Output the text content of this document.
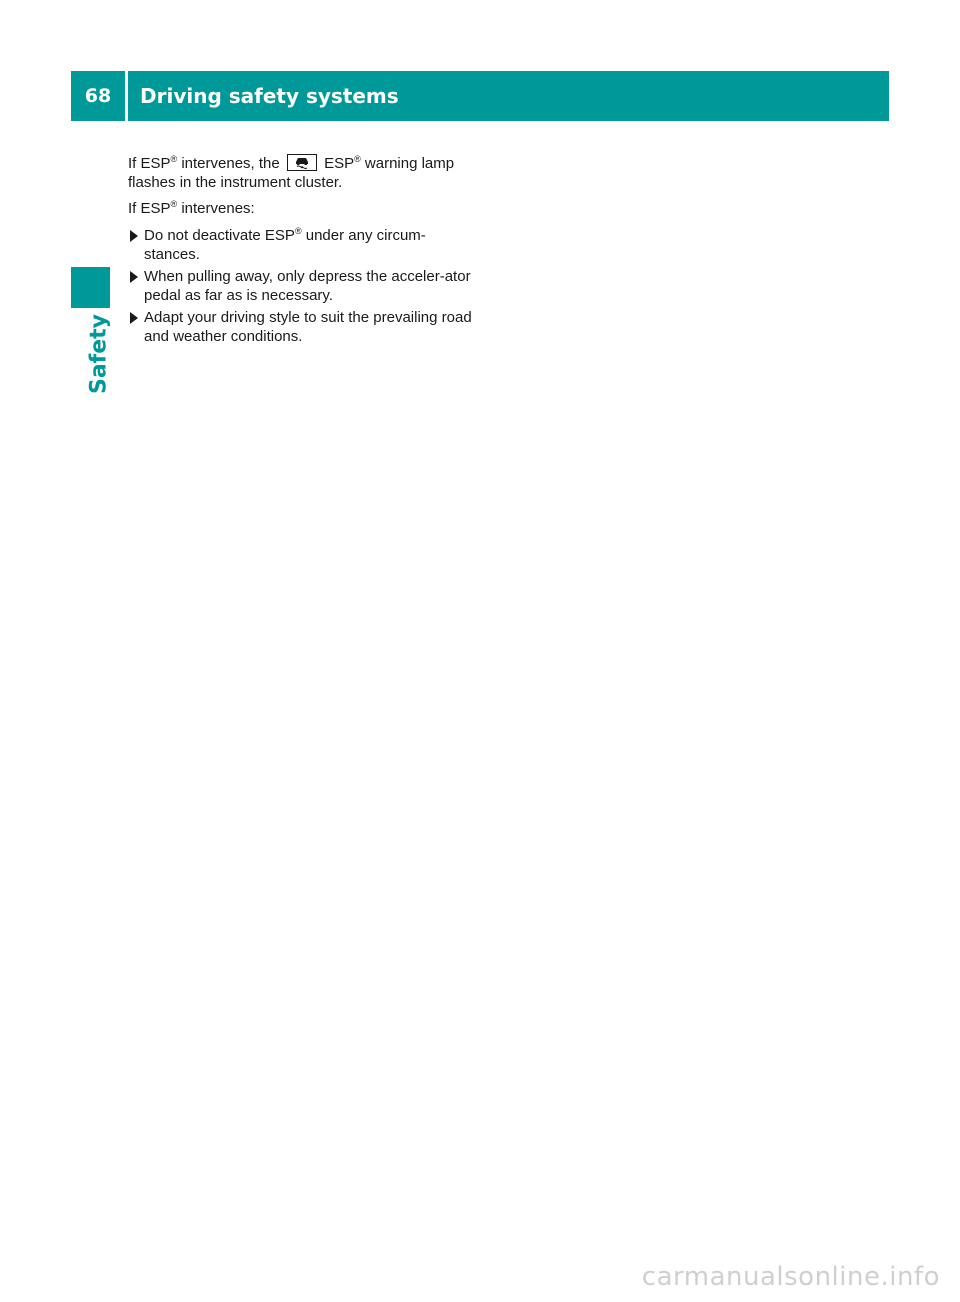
68	Driving safety systems
Safety

If ESP® intervenes, the
ESP® warning lamp flashes in the instrument cluster.

If ESP® intervenes:

Do not deactivate ESP® under any circum-stances.
When pulling away, only depress the acceler-ator pedal as far as is necessary.
Adapt your driving style to suit the prevailing road and weather conditions.
carmanualsonline.info
